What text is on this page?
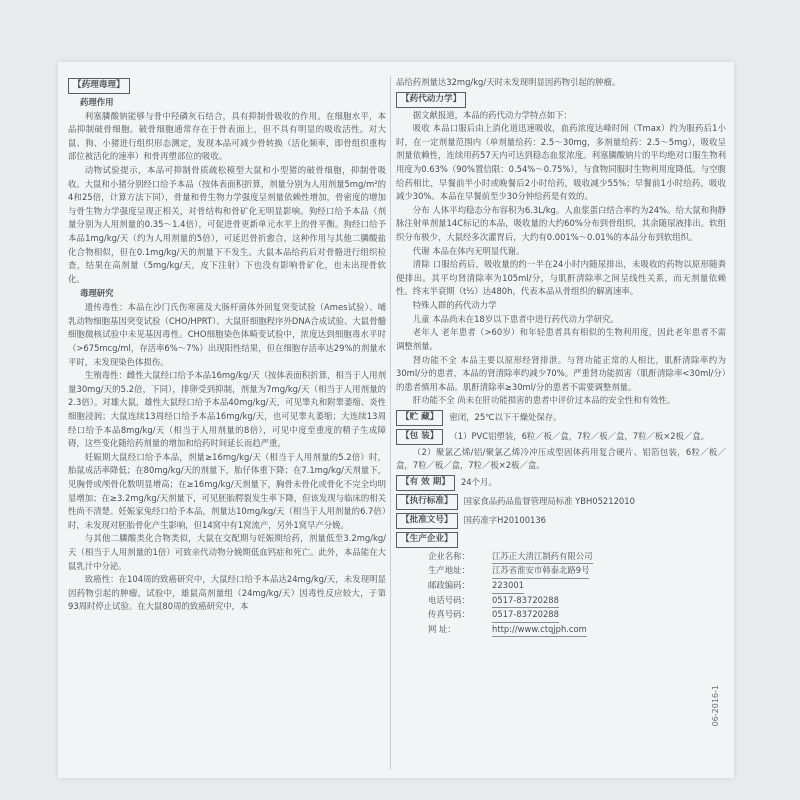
【药理毒理】
药理作用

利塞膦酸钠能够与骨中羟磷灰石结合，具有抑制骨吸收的作用。在细胞水平，本品抑制破骨细胞。破骨细胞通常存在于骨表面上，但不具有明显的吸收活性。对大鼠、狗、小猪进行组织形态测定，发现本品可减少骨转换（活化频率，即骨组织重构部位被活化的速率）和骨再塑部位的吸收。

动物试验提示，本品可抑制骨质疏松模型大鼠和小型猪的破骨细胞，抑制骨吸收。大鼠和小猪分别经口给予本品（按体表面积折算，剂量分别为人用剂量5mg/m²的4和25倍，计算方法下同），骨量和骨生物力学强度呈剂量依赖性增加，骨密度的增加与骨生物力学强度呈现正相关，对骨结构和骨矿化无明显影响。狗经口给予本品（剂量分别为人用剂量的0.35～1.4倍），可促进骨更新单元水平上的骨平衡。狗经口给予本品1mg/kg/天（约为人用剂量的5倍），可延迟骨折愈合，这种作用与其他二膦酸盐化合物相似，但在0.1mg/kg/天的剂量下不发生。大鼠本品给药后对骨骼进行组织检查，结果在高剂量（5mg/kg/天，皮下注射）下也没有影响骨矿化，也未出现骨软化。

毒理研究

遗传毒性：本品在沙门氏伤寒菌及大肠杆菌体外回复突变试验（Ames试验）、哺乳动物细胞基因突变试验（CHO/HPRT）、大鼠肝细胞程序外DNA合成试验、大鼠骨髓细胞微核试验中未见基因毒性。CHO细胞染色体畸变试验中，浓度达到细胞毒水平时（>675mcg/ml，存活率6%～7%）出现阳性结果，但在细胞存活率达29%的剂量水平时，未发现染色体损伤。

生殖毒性：雌性大鼠经口给予本品16mg/kg/天（按体表面积折算，相当于人用剂量30mg/天的5.2倍，下同），排卵受到抑制，剂量为7mg/kg/天（相当于人用剂量的2.3倍）。对雄大鼠，雄性大鼠经口给予本品40mg/kg/天，可见睾丸和附睾萎缩、炎性细胞浸润；大鼠连续13周经口给予本品16mg/kg/天，也可见睾丸萎缩；大连续13周经口给予本品8mg/kg/天（相当于人用剂量的8倍），可见中度至重度的精子生成障碍，这些变化随给药剂量的增加和给药时间延长而趋严重。

妊娠期大鼠经口给予本品，剂量≥16mg/kg/天（相当于人用剂量的5.2倍）时，胎鼠成活率降低；在80mg/kg/天的剂量下，胎仔体重下降；在7.1mg/kg/天剂量下，见胸骨或颅骨化数明显增高；在≥16mg/kg/天剂量下，胸骨未骨化或骨化不完全均明显增加；在≥3.2mg/kg/天剂量下，可见胚胎腭裂发生率下降，但该发现与临床的相关性尚不清楚。妊娠家兔经口给予本品，剂量达10mg/kg/天（相当于人用剂量的6.7倍）时，未发现对胚胎骨化产生影响，但14窝中有1窝流产，另外1窝早产分娩。

与其他二膦酸类化合物类似，大鼠在交配期与妊娠期给药，剂量低至3.2mg/kg/天（相当于人用剂量的1倍）可致亲代动物分娩期低血钙症和死亡。此外，本品能在大鼠乳汁中分泌。

致癌性：在104周的致癌研究中，大鼠经口给予本品达24mg/kg/天，未发现明显因药物引起的肿瘤。试验中，雄鼠高剂量组（24mg/kg/天）因毒性反应较大，于第93周时停止试验。在大鼠80周的致癌研究中，本

品给药剂量达32mg/kg/天时未发现明显因药物引起的肿瘤。

【药代动力学】

据文献报道，本品的药代动力学特点如下：

吸收 本品口服后由上消化道迅速吸收，血药浓度达峰时间（Tmax）约为服药后1小时，在一定剂量范围内（单剂量给药：2.5～30mg，多剂量给药：2.5～5mg），吸收呈剂量依赖性，连续用药57天内可达到稳态血浆浓度。利塞膦酸钠片的平均绝对口服生物利用度为0.63%（90%置信限：0.54%～0.75%），与食物同服时生物利用度降低。与空腹给药相比，早餐前半小时或晚餐后2小时给药，吸收减少55%；早餐前1小时给药，吸收减少30%。本品在早餐前至少30分钟给药是有效的。

分布 人体平均稳态分布容积为6.3L/kg。人血浆蛋白结合率约为24%。给大鼠和狗静脉注射单剂量14C标记的本品，吸收量的大约60%分布到骨组织，其余随尿液排出。软组织分布极少，大鼠经多次灌胃后，大约有0.001%～0.01%的本品分布到软组织。

代谢 本品在体内无明显代谢。

清除 口服给药后，吸收量的约一半在24小时内随尿排出，未吸收的药物以原形随粪便排出。其平均肾清除率为105ml/分，与肌酐清除率之间呈线性关系，而无剂量依赖性。终末半衰期（t½）达480h，代表本品从骨组织的解离速率。

特殊人群的药代动力学

儿童 本品尚未在18岁以下患者中进行药代动力学研究。

老年人 老年患者（>60岁）和年轻患者具有相似的生物利用度，因此老年患者不需调整剂量。

肾功能不全 本品主要以原形经肾排泄。与肾功能正常的人相比，肌酐清除率约为30ml/分的患者，本品的肾清除率约减少70%。严重肾功能损害（肌酐清除率<30ml/分）的患者慎用本品。肌酐清除率≥30ml/分的患者不需要调整剂量。

肝功能不全 尚未在肝功能损害的患者中评价过本品的安全性和有效性。

【贮 藏】	密闭，25℃以下干燥处保存。
【包 装】	（1）PVC铝塑装，6粒／板／盒，7粒／板／盒，7粒／板×2板／盒。

（2）聚氯乙烯/铝/聚氯乙烯冷冲压成型固体药用复合硬片、铝箔包装，6粒／板／盒，7粒／板／盒，7粒／板×2板／盒。

【有 效 期】	24个月。
【执行标准】	国家食品药品监督管理局标准 YBH05212010
【批准文号】	国药准字H20100136
【生产企业】
企业名称：	江苏正大清江制药有限公司
生产地址：	江苏省淮安市韩泰北路9号
邮政编码：	223001
电话号码：	0517-83720288
传真号码：	0517-83720288
网 址：	http://www.ctqjph.com
06-2016-1
